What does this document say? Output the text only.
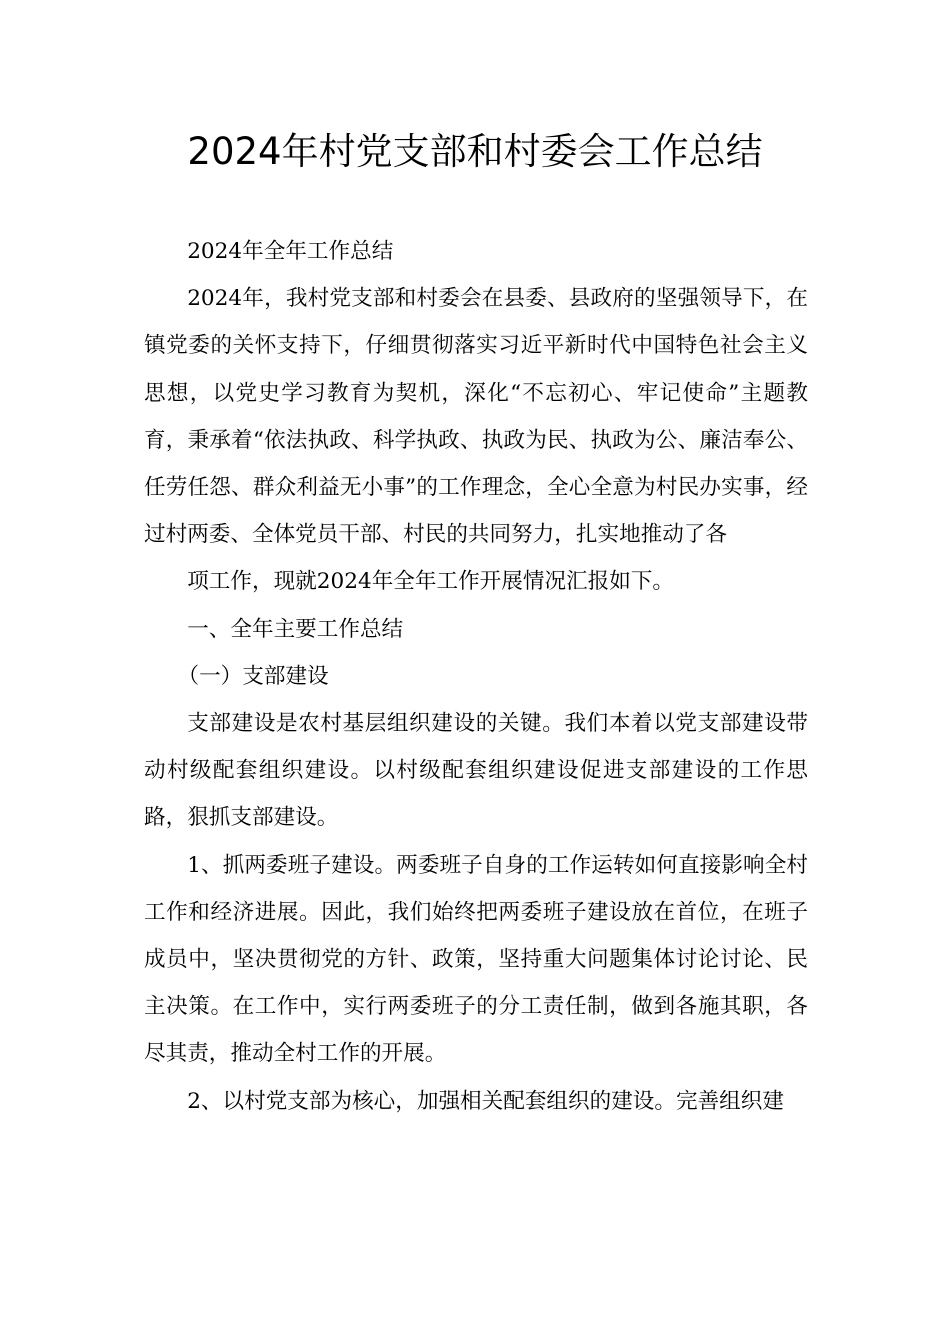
2024年村党支部和村委会工作总结

2024年全年工作总结

2024年，我村党支部和村委会在县委、县政府的坚强领导下，在镇党委的关怀支持下，仔细贯彻落实习近平新时代中国特色社会主义思想，以党史学习教育为契机，深化“不忘初心、牢记使命”主题教育，秉承着“依法执政、科学执政、执政为民、执政为公、廉洁奉公、任劳任怨、群众利益无小事”的工作理念，全心全意为村民办实事，经过村两委、全体党员干部、村民的共同努力，扎实地推动了各

项工作，现就2024年全年工作开展情况汇报如下。

一、全年主要工作总结

（一）支部建设

支部建设是农村基层组织建设的关键。我们本着以党支部建设带动村级配套组织建设。以村级配套组织建设促进支部建设的工作思路，狠抓支部建设。

1、抓两委班子建设。两委班子自身的工作运转如何直接影响全村工作和经济进展。因此，我们始终把两委班子建设放在首位，在班子成员中，坚决贯彻党的方针、政策，坚持重大问题集体讨论讨论、民主决策。在工作中，实行两委班子的分工责任制，做到各施其职，各尽其责，推动全村工作的开展。

2、以村党支部为核心，加强相关配套组织的建设。完善组织建
